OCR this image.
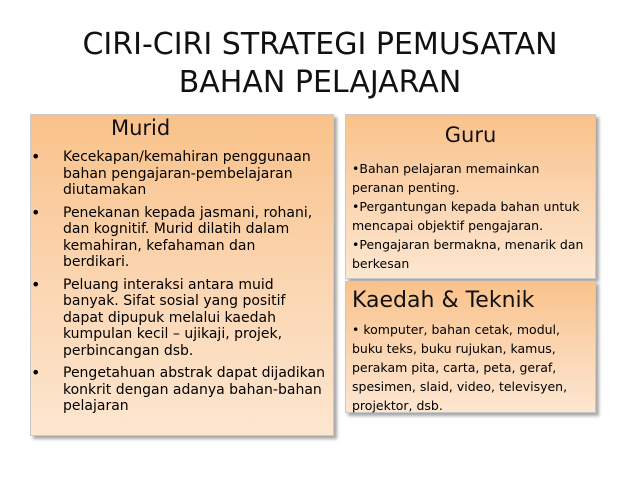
CIRI-CIRI STRATEGI PEMUSATAN
BAHAN PELAJARAN
Murid
•	Kecekapan/kemahiran penggunaan bahan pengajaran-pembelajaran diutamakan
•	Penekanan kepada jasmani, rohani, dan kognitif. Murid dilatih dalam kemahiran, kefahaman dan berdikari.
•	Peluang interaksi antara muid banyak. Sifat sosial yang positif dapat dipupuk melalui kaedah kumpulan kecil – ujikaji, projek, perbincangan dsb.
•	Pengetahuan abstrak dapat dijadikan konkrit dengan adanya bahan-bahan pelajaran
Guru

•Bahan pelajaran memainkan peranan penting.

•Pergantungan kepada bahan untuk mencapai objektif pengajaran.

•Pengajaran bermakna, menarik dan berkesan

Kaedah & Teknik
• komputer, bahan cetak, modul, buku teks, buku rujukan, kamus, perakam pita, carta, peta, geraf, spesimen, slaid, video, televisyen, projektor, dsb.
